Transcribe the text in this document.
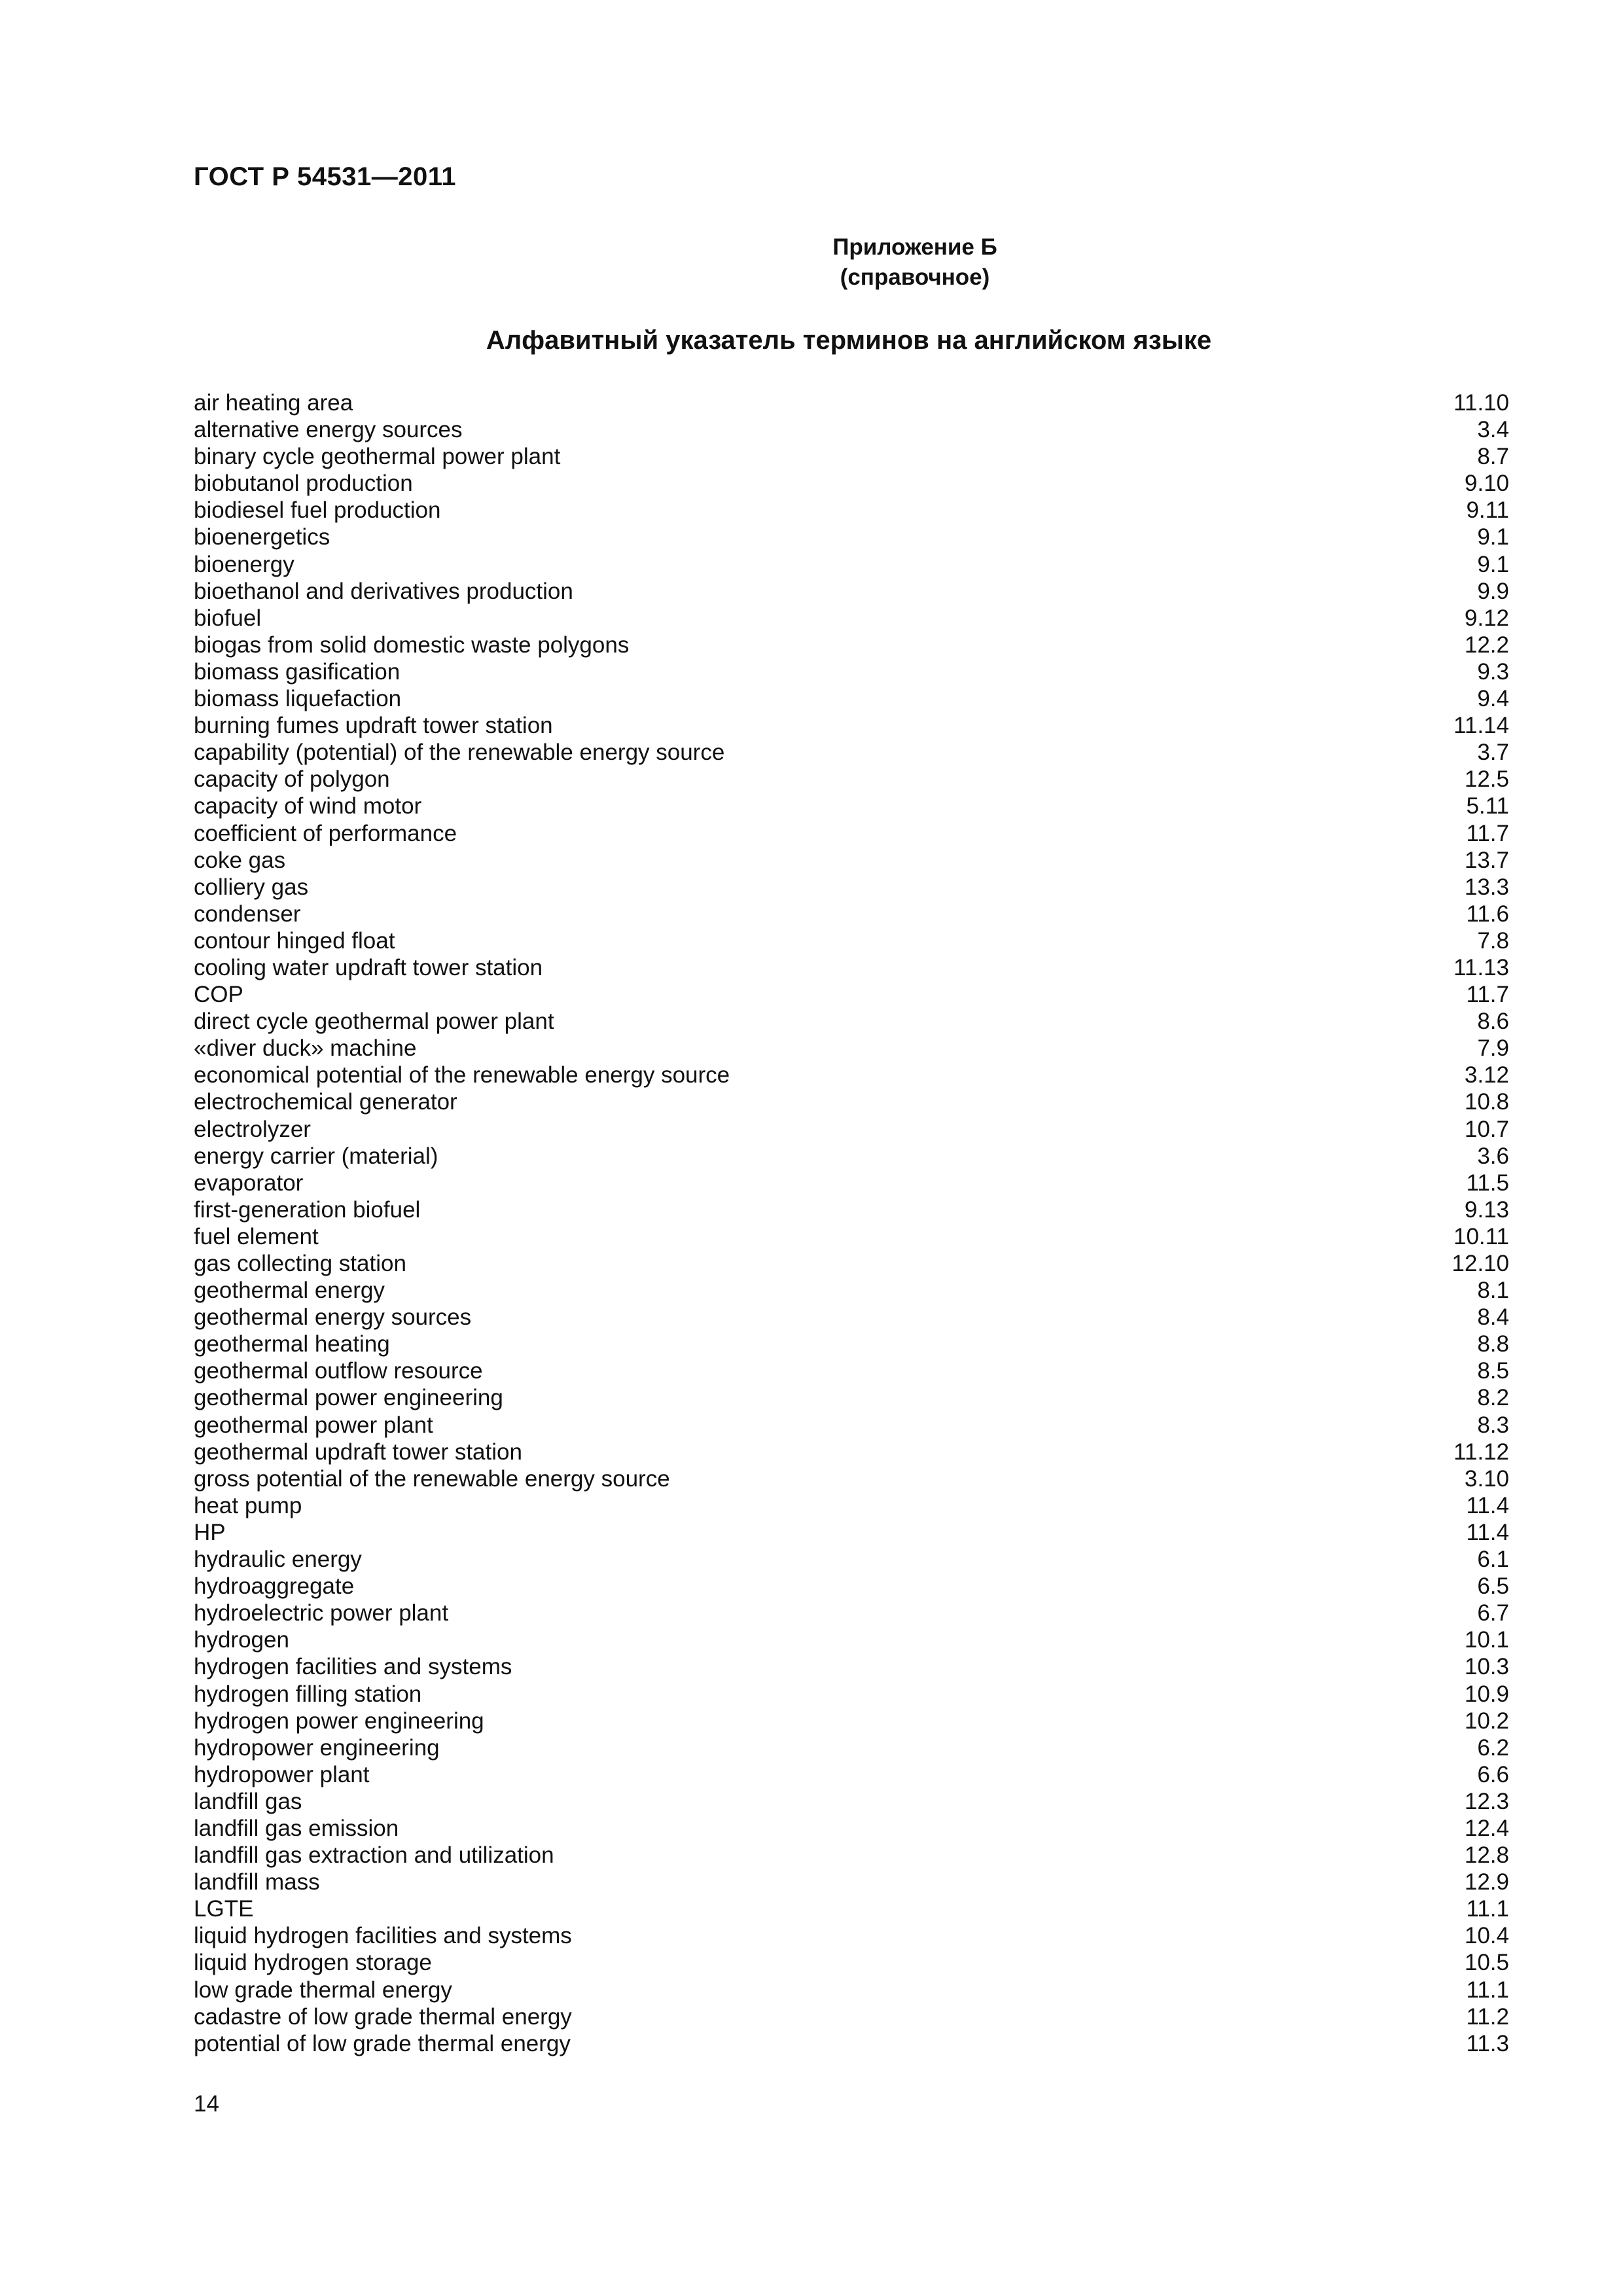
ГОСТ Р 54531—2011
Приложение Б
(справочное)
Алфавитный указатель терминов на английском языке
air heating area	11.10
alternative energy sources	3.4
binary cycle geothermal power plant	8.7
biobutanol production	9.10
biodiesel fuel production	9.11
bioenergetics	9.1
bioenergy	9.1
bioethanol and derivatives production	9.9
biofuel	9.12
biogas from solid domestic waste polygons	12.2
biomass gasification	9.3
biomass liquefaction	9.4
burning fumes updraft tower station	11.14
capability (potential) of the renewable energy source	3.7
capacity of polygon	12.5
capacity of wind motor	5.11
coefficient of performance	11.7
coke gas	13.7
colliery gas	13.3
condenser	11.6
contour hinged float	7.8
cooling water updraft tower station	11.13
COP	11.7
direct cycle geothermal power plant	8.6
«diver duck» machine	7.9
economical potential of the renewable energy source	3.12
electrochemical generator	10.8
electrolyzer	10.7
energy carrier (material)	3.6
evaporator	11.5
first-generation biofuel	9.13
fuel element	10.11
gas collecting station	12.10
geothermal energy	8.1
geothermal energy sources	8.4
geothermal heating	8.8
geothermal outflow resource	8.5
geothermal power engineering	8.2
geothermal power plant	8.3
geothermal updraft tower station	11.12
gross potential of the renewable energy source	3.10
heat pump	11.4
HP	11.4
hydraulic energy	6.1
hydroaggregate	6.5
hydroelectric power plant	6.7
hydrogen	10.1
hydrogen facilities and systems	10.3
hydrogen filling station	10.9
hydrogen power engineering	10.2
hydropower engineering	6.2
hydropower plant	6.6
landfill gas	12.3
landfill gas emission	12.4
landfill gas extraction and utilization	12.8
landfill mass	12.9
LGTE	11.1
liquid hydrogen facilities and systems	10.4
liquid hydrogen storage	10.5
low grade thermal energy	11.1
cadastre of low grade thermal energy	11.2
potential of low grade thermal energy	11.3
14
